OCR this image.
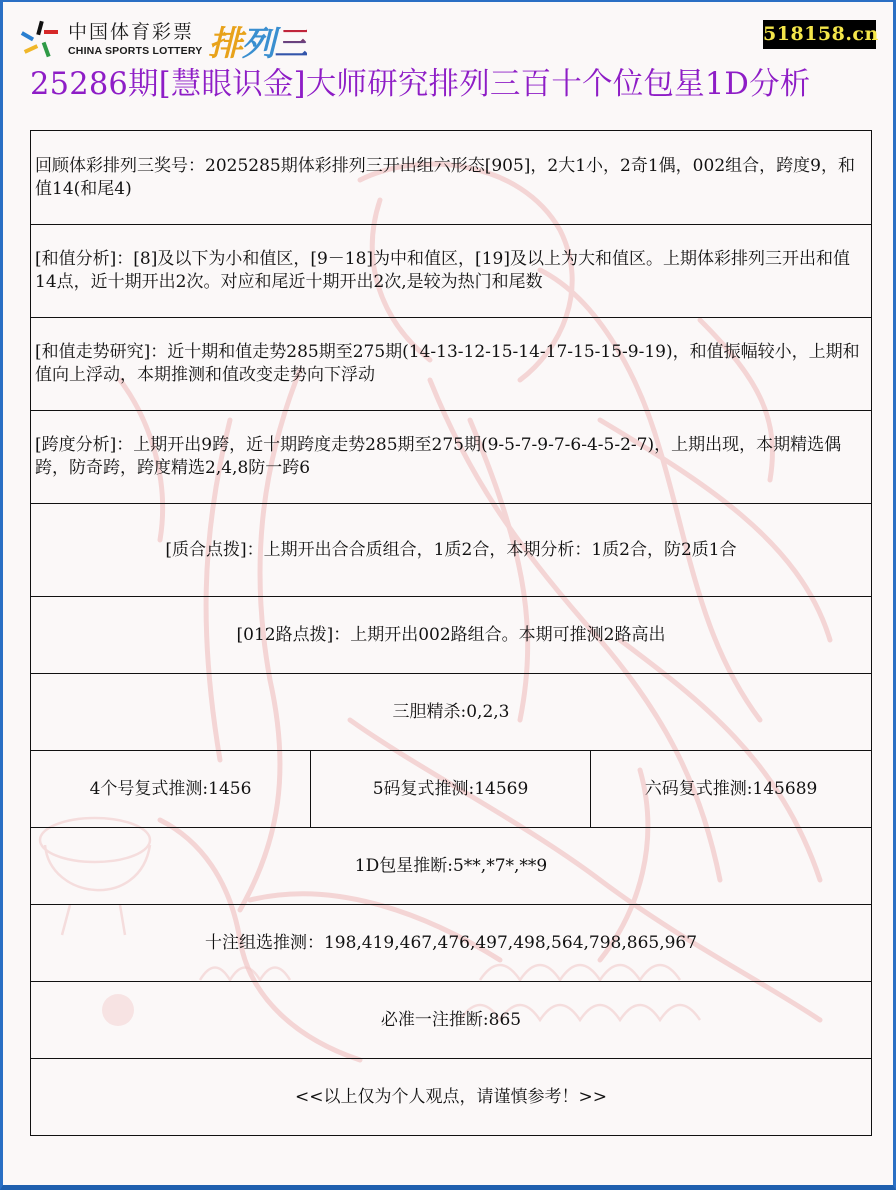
中国体育彩票
CHINA SPORTS LOTTERY 排 列 三	518158.cn
25286期[慧眼识金]大师研究排列三百十个位包星1D分析
回顾体彩排列三奖号：2025285期体彩排列三开出组六形态[905]，2大1小，2奇1偶，002组合，跨度9，和值14(和尾4)
[和值分析]：[8]及以下为小和值区，[9－18]为中和值区，[19]及以上为大和值区。上期体彩排列三开出和值14点，近十期开出2次。对应和尾近十期开出2次,是较为热门和尾数
[和值走势研究]：近十期和值走势285期至275期(14-13-12-15-14-17-15-15-9-19)，和值振幅较小，上期和值向上浮动，本期推测和值改变走势向下浮动
[跨度分析]：上期开出9跨，近十期跨度走势285期至275期(9-5-7-9-7-6-4-5-2-7)，上期出现，本期精选偶跨，防奇跨，跨度精选2,4,8防一跨6
[质合点拨]：上期开出合合质组合，1质2合，本期分析：1质2合，防2质1合
[012路点拨]：上期开出002路组合。本期可推测2路高出
三胆精杀:0,2,3
4个号复式推测:1456	5码复式推测:14569	六码复式推测:145689
1D包星推断:5**,*7*,**9
十注组选推测：198,419,467,476,497,498,564,798,865,967
必准一注推断:865
<<以上仅为个人观点，请谨慎参考！>>
